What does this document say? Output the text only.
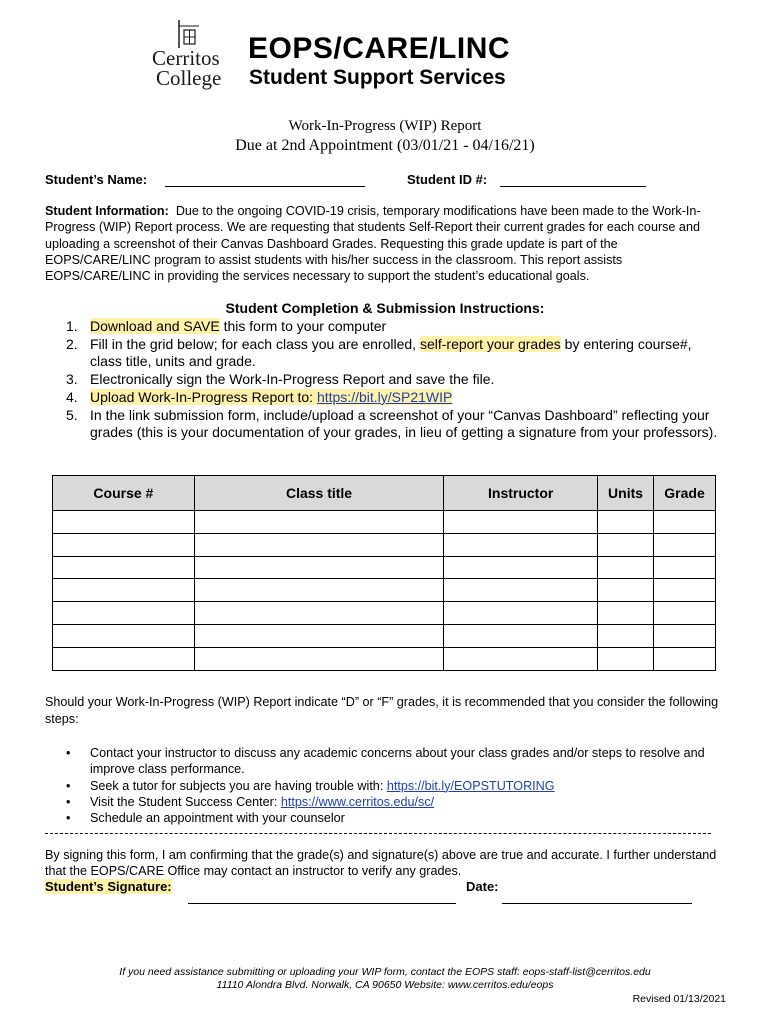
Cerritos
College
EOPS/CARE/LINC
Student Support Services
Work-In-Progress (WIP) Report
Due at 2nd Appointment (03/01/21 - 04/16/21)
Student’s Name:	Student ID #:
Student Information: Due to the ongoing COVID-19 crisis, temporary modifications have been made to the Work-In-Progress (WIP) Report process. We are requesting that students Self-Report their current grades for each course and uploading a screenshot of their Canvas Dashboard Grades. Requesting this grade update is part of the EOPS/CARE/LINC program to assist students with his/her success in the classroom. This report assists EOPS/CARE/LINC in providing the services necessary to support the student’s educational goals.
Student Completion & Submission Instructions:
1. Download and SAVE this form to your computer
2. Fill in the grid below; for each class you are enrolled, self-report your grades by entering course#, class title, units and grade.
3. Electronically sign the Work-In-Progress Report and save the file.
4. Upload Work-In-Progress Report to: https://bit.ly/SP21WIP
5. In the link submission form, include/upload a screenshot of your “Canvas Dashboard” reflecting your grades (this is your documentation of your grades, in lieu of getting a signature from your professors).
Course #	Class title	Instructor	Units	Grade

Should your Work-In-Progress (WIP) Report indicate “D” or “F” grades, it is recommended that you consider the following steps:
• Contact your instructor to discuss any academic concerns about your class grades and/or steps to resolve and improve class performance.
• Seek a tutor for subjects you are having trouble with: https://bit.ly/EOPSTUTORING
• Visit the Student Success Center: https://www.cerritos.edu/sc/
• Schedule an appointment with your counselor
By signing this form, I am confirming that the grade(s) and signature(s) above are true and accurate. I further understand that the EOPS/CARE Office may contact an instructor to verify any grades.
Student’s Signature:	Date:
If you need assistance submitting or uploading your WIP form, contact the EOPS staff: eops-staff-list@cerritos.edu
11110 Alondra Blvd. Norwalk, CA 90650 Website: www.cerritos.edu/eops
Revised 01/13/2021
